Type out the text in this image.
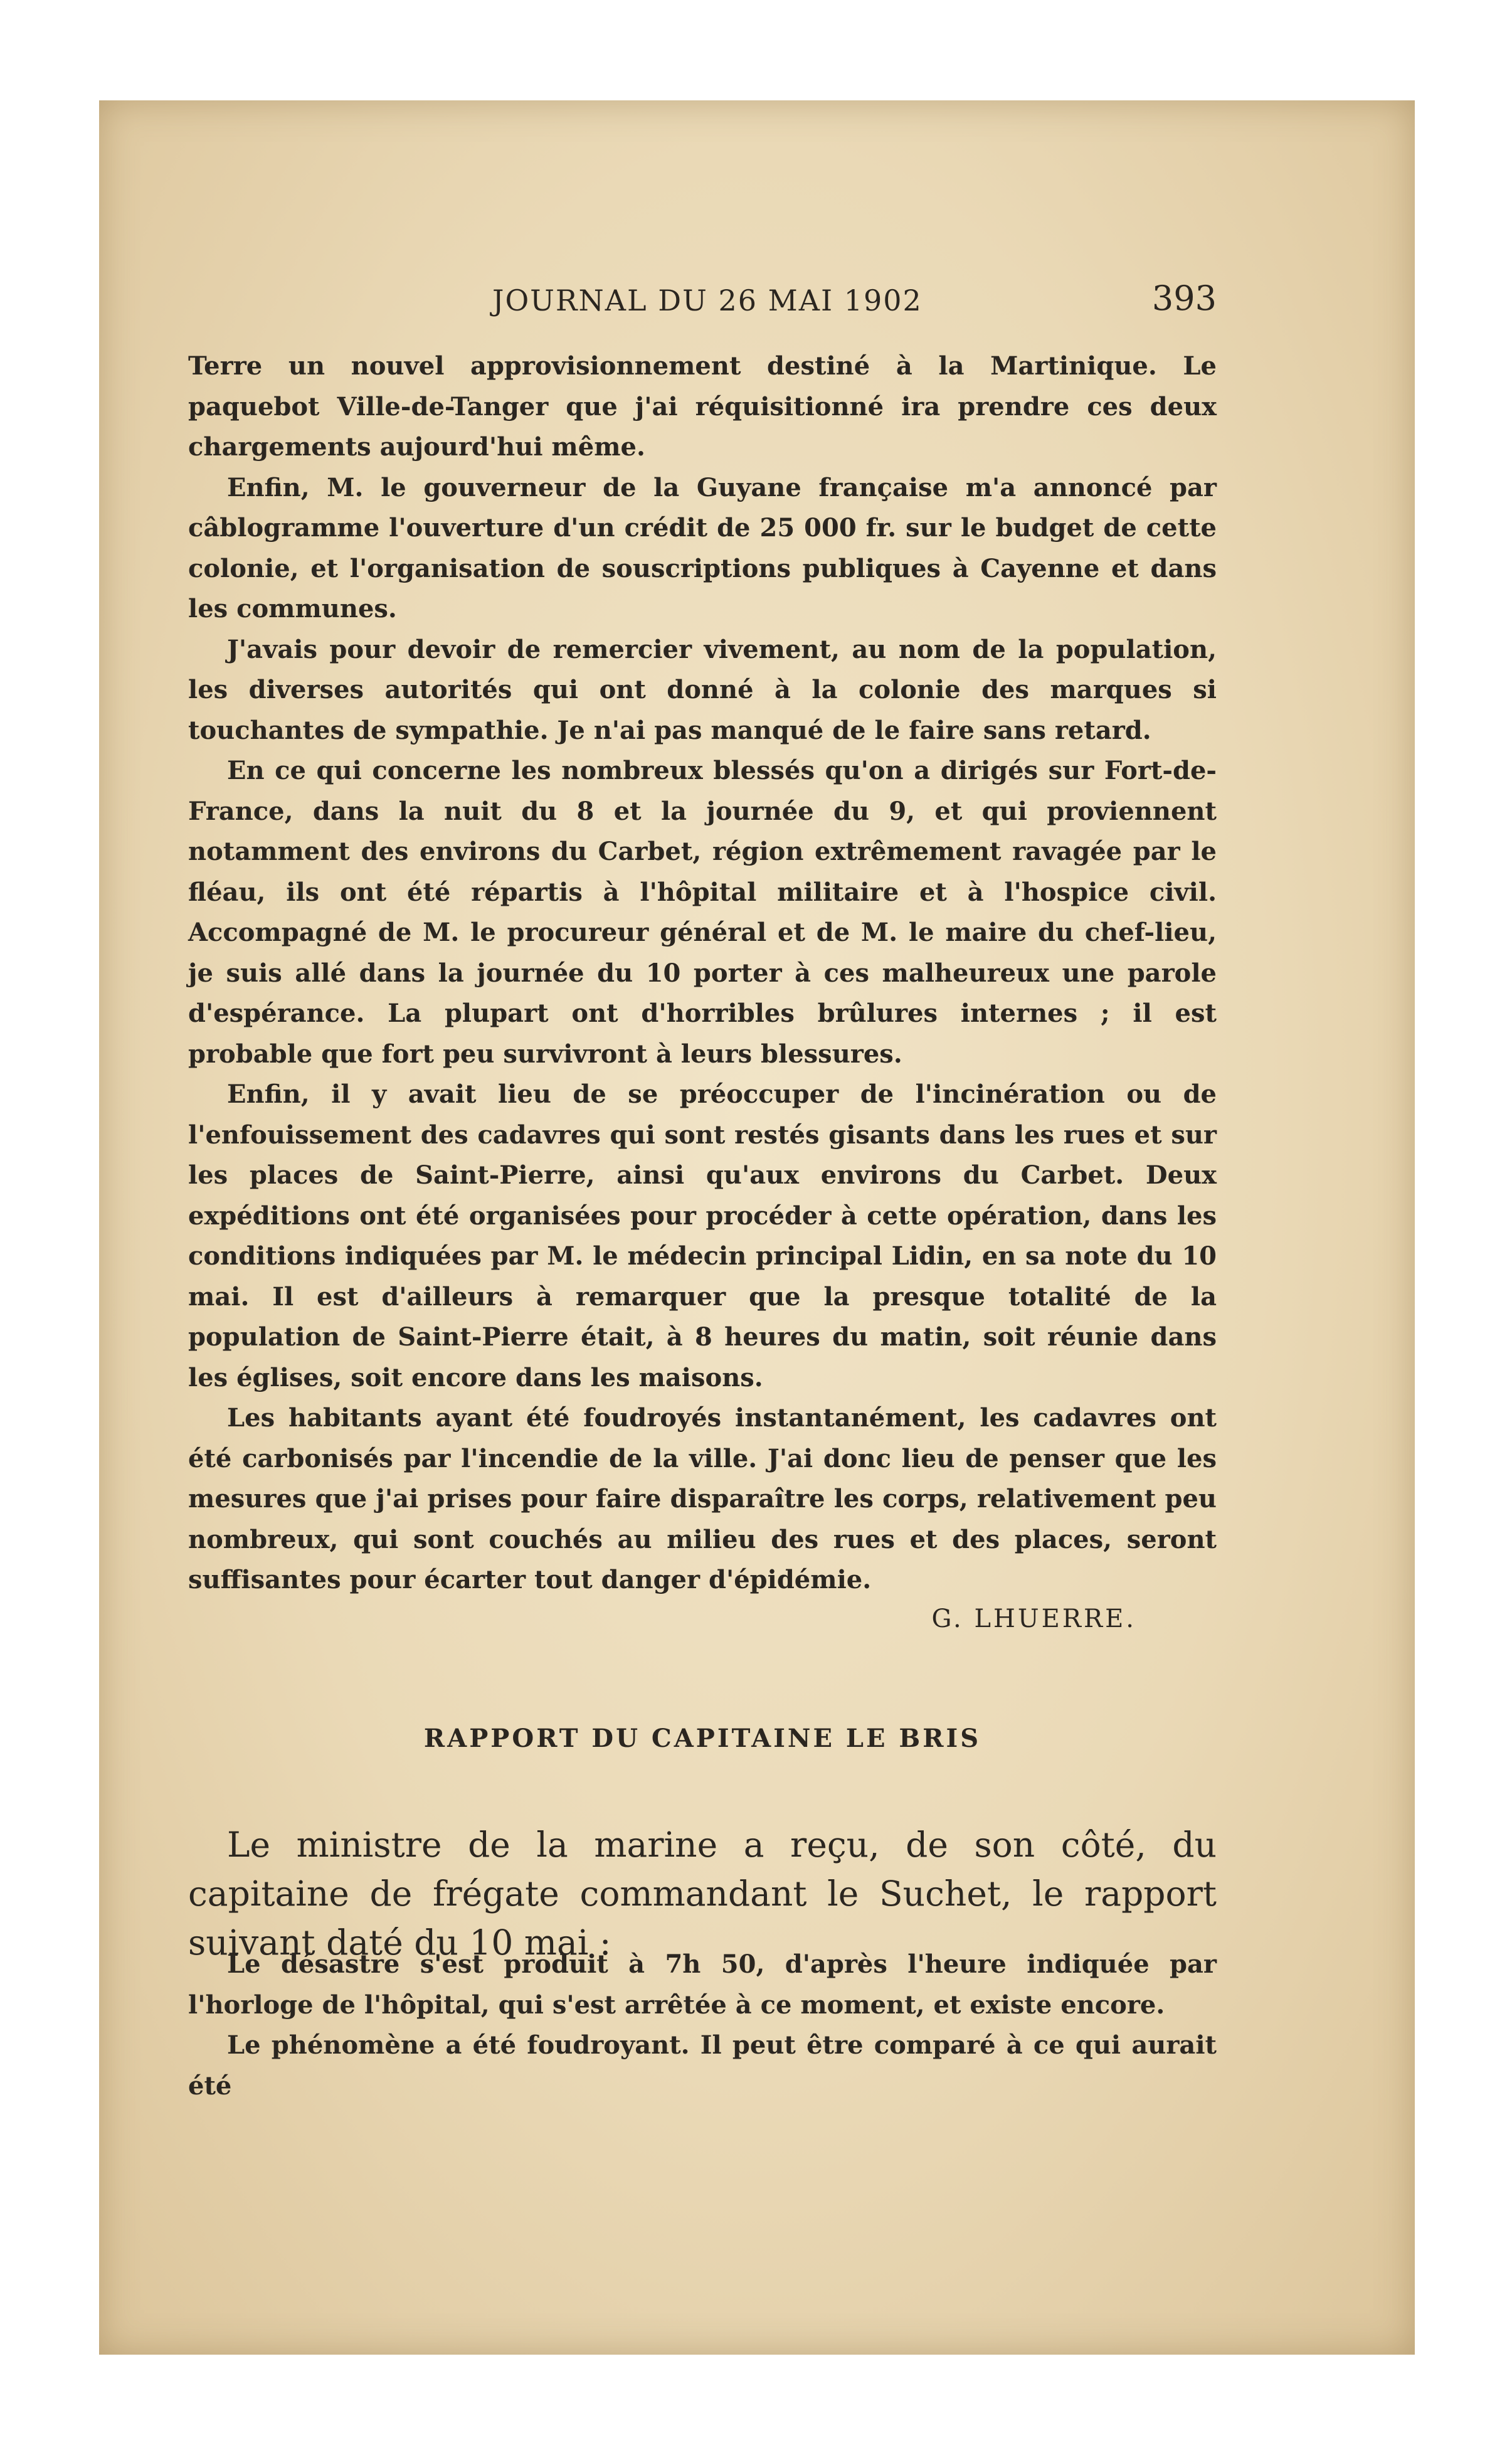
JOURNAL DU 26 MAI 1902	393

Terre un nouvel approvisionnement destiné à la Martinique. Le paquebot Ville-de-Tanger que j'ai réquisitionné ira prendre ces deux chargements aujourd'hui même.

Enfin, M. le gouverneur de la Guyane française m'a annoncé par câblogramme l'ouverture d'un crédit de 25 000 fr. sur le budget de cette colonie, et l'organisation de souscriptions publiques à Cayenne et dans les communes.

J'avais pour devoir de remercier vivement, au nom de la population, les diverses autorités qui ont donné à la colonie des marques si touchantes de sympathie. Je n'ai pas manqué de le faire sans retard.

En ce qui concerne les nombreux blessés qu'on a dirigés sur Fort-de-France, dans la nuit du 8 et la journée du 9, et qui proviennent notamment des environs du Carbet, région extrêmement ravagée par le fléau, ils ont été répartis à l'hôpital militaire et à l'hospice civil. Accompagné de M. le procureur général et de M. le maire du chef-lieu, je suis allé dans la journée du 10 porter à ces malheureux une parole d'espérance. La plupart ont d'horribles brûlures internes ; il est probable que fort peu survivront à leurs blessures.

Enfin, il y avait lieu de se préoccuper de l'incinération ou de l'enfouissement des cadavres qui sont restés gisants dans les rues et sur les places de Saint-Pierre, ainsi qu'aux environs du Carbet. Deux expéditions ont été organisées pour procéder à cette opération, dans les conditions indiquées par M. le médecin principal Lidin, en sa note du 10 mai. Il est d'ailleurs à remarquer que la presque totalité de la population de Saint-Pierre était, à 8 heures du matin, soit réunie dans les églises, soit encore dans les maisons.

Les habitants ayant été foudroyés instantanément, les cadavres ont été carbonisés par l'incendie de la ville. J'ai donc lieu de penser que les mesures que j'ai prises pour faire disparaître les corps, relativement peu nombreux, qui sont couchés au milieu des rues et des places, seront suffisantes pour écarter tout danger d'épidémie.

G. LHUERRE.
RAPPORT DU CAPITAINE LE BRIS

Le ministre de la marine a reçu, de son côté, du capitaine de frégate commandant le Suchet, le rapport suivant daté du 10 mai :

Le désastre s'est produit à 7h 50, d'après l'heure indiquée par l'horloge de l'hôpital, qui s'est arrêtée à ce moment, et existe encore.

Le phénomène a été foudroyant. Il peut être comparé à ce qui aurait été
